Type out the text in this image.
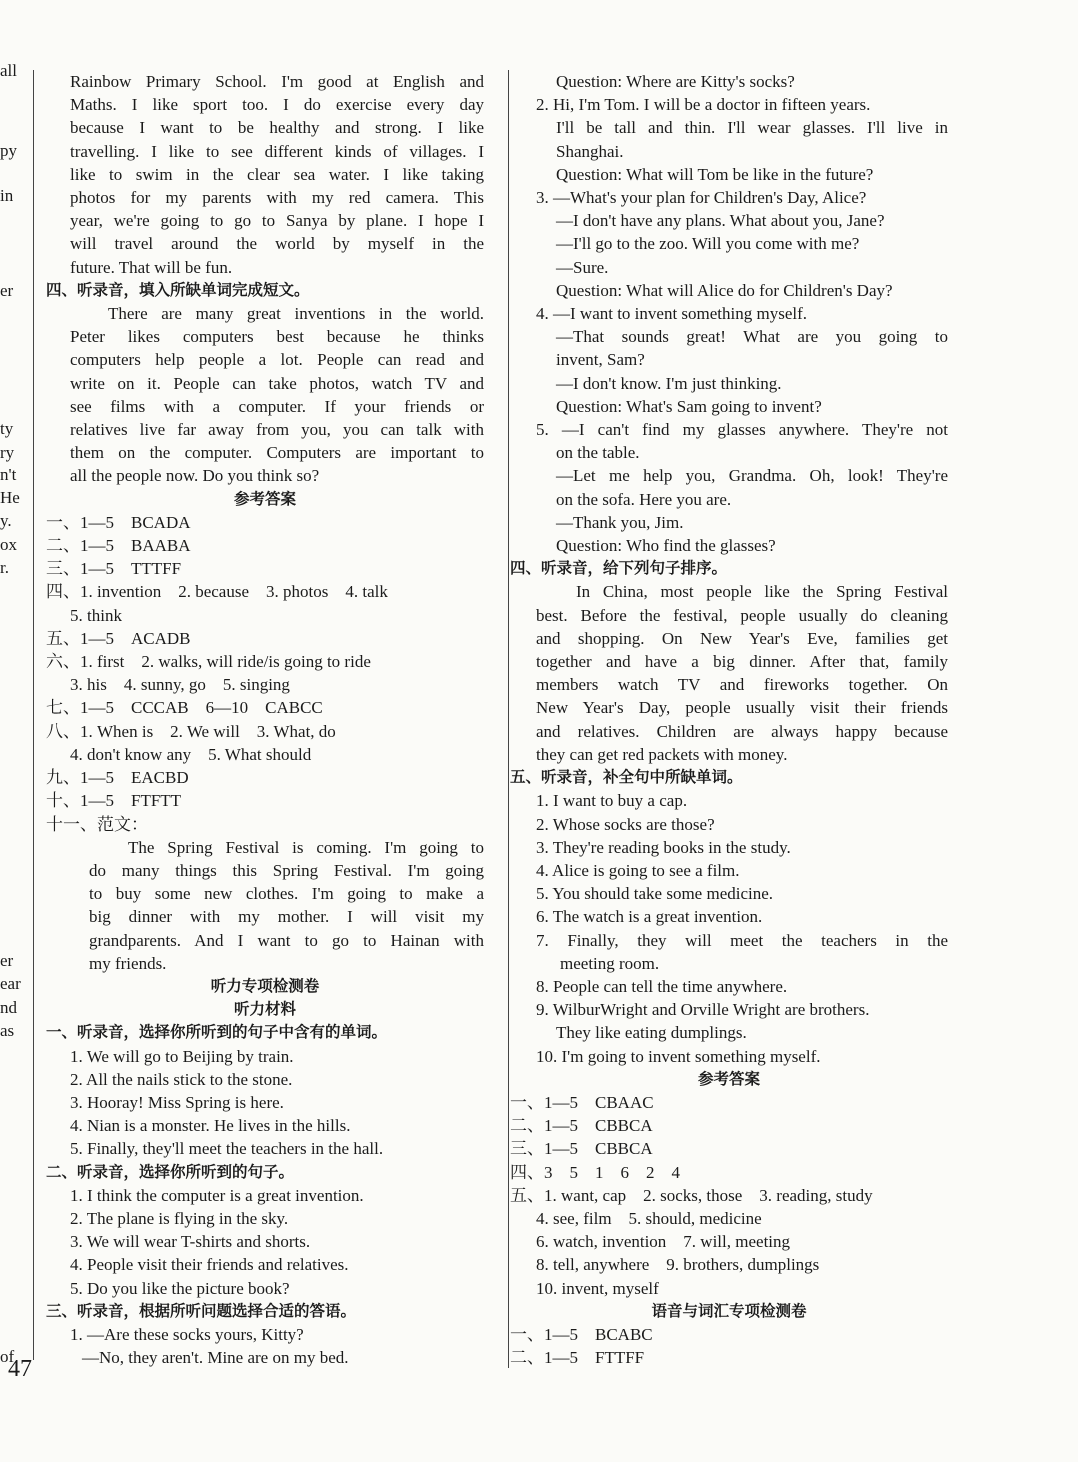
all
py
in
er
ty
ry
n't
He
y.
ox
r.
er
ear
nd
as
of

Rainbow Primary School. I'm good at English and

Maths. I like sport too. I do exercise every day

because I want to be healthy and strong. I like

travelling. I like to see different kinds of villages. I

like to swim in the clear sea water. I like taking

photos for my parents with my red camera. This

year, we're going to go to Sanya by plane. I hope I

will travel around the world by myself in the

future. That will be fun.

四、听录音，填入所缺单词完成短文。

There are many great inventions in the world.

Peter likes computers best because he thinks

computers help people a lot. People can read and

write on it. People can take photos, watch TV and

see films with a computer. If your friends or

relatives live far away from you, you can talk with

them on the computer. Computers are important to

all the people now. Do you think so?

参考答案

一、1—5　BCADA

二、1—5　BAABA

三、1—5　TTTFF

四、1. invention　2. because　3. photos　4. talk

5. think

五、1—5　ACADB

六、1. first　2. walks, will ride/is going to ride

3. his　4. sunny, go　5. singing

七、1—5　CCCAB　6—10　CABCC

八、1. When is　2. We will　3. What, do

4. don't know any　5. What should

九、1—5　EACBD

十、1—5　FTFTT

十一、范文：

The Spring Festival is coming. I'm going to

do many things this Spring Festival. I'm going

to buy some new clothes. I'm going to make a

big dinner with my mother. I will visit my

grandparents. And I want to go to Hainan with

my friends.

听力专项检测卷

听力材料

一、听录音，选择你所听到的句子中含有的单词。

1. We will go to Beijing by train.

2. All the nails stick to the stone.

3. Hooray! Miss Spring is here.

4. Nian is a monster. He lives in the hills.

5. Finally, they'll meet the teachers in the hall.

二、听录音，选择你所听到的句子。

1. I think the computer is a great invention.

2. The plane is flying in the sky.

3. We will wear T-shirts and shorts.

4. People visit their friends and relatives.

5. Do you like the picture book?

三、听录音，根据所听问题选择合适的答语。

1. —Are these socks yours, Kitty?

—No, they aren't. Mine are on my bed.

Question: Where are Kitty's socks?

2. Hi, I'm Tom. I will be a doctor in fifteen years.

I'll be tall and thin. I'll wear glasses. I'll live in

Shanghai.

Question: What will Tom be like in the future?

3. —What's your plan for Children's Day, Alice?

—I don't have any plans. What about you, Jane?

—I'll go to the zoo. Will you come with me?

—Sure.

Question: What will Alice do for Children's Day?

4. —I want to invent something myself.

—That sounds great! What are you going to

invent, Sam?

—I don't know. I'm just thinking.

Question: What's Sam going to invent?

5. —I can't find my glasses anywhere. They're not

on the table.

—Let me help you, Grandma. Oh, look! They're

on the sofa. Here you are.

—Thank you, Jim.

Question: Who find the glasses?

四、听录音，给下列句子排序。

In China, most people like the Spring Festival

best. Before the festival, people usually do cleaning

and shopping. On New Year's Eve, families get

together and have a big dinner. After that, family

members watch TV and fireworks together. On

New Year's Day, people usually visit their friends

and relatives. Children are always happy because

they can get red packets with money.

五、听录音，补全句中所缺单词。

1. I want to buy a cap.

2. Whose socks are those?

3. They're reading books in the study.

4. Alice is going to see a film.

5. You should take some medicine.

6. The watch is a great invention.

7. Finally, they will meet the teachers in the

meeting room.

8. People can tell the time anywhere.

9. WilburWright and Orville Wright are brothers.

They like eating dumplings.

10. I'm going to invent something myself.

参考答案

一、1—5　CBAAC

二、1—5　CBBCA

三、1—5　CBBCA

四、3　5　1　6　2　4

五、1. want, cap　2. socks, those　3. reading, study

4. see, film　5. should, medicine

6. watch, invention　7. will, meeting

8. tell, anywhere　9. brothers, dumplings

10. invent, myself

语音与词汇专项检测卷

一、1—5　BCABC

二、1—5　FTTFF

47
